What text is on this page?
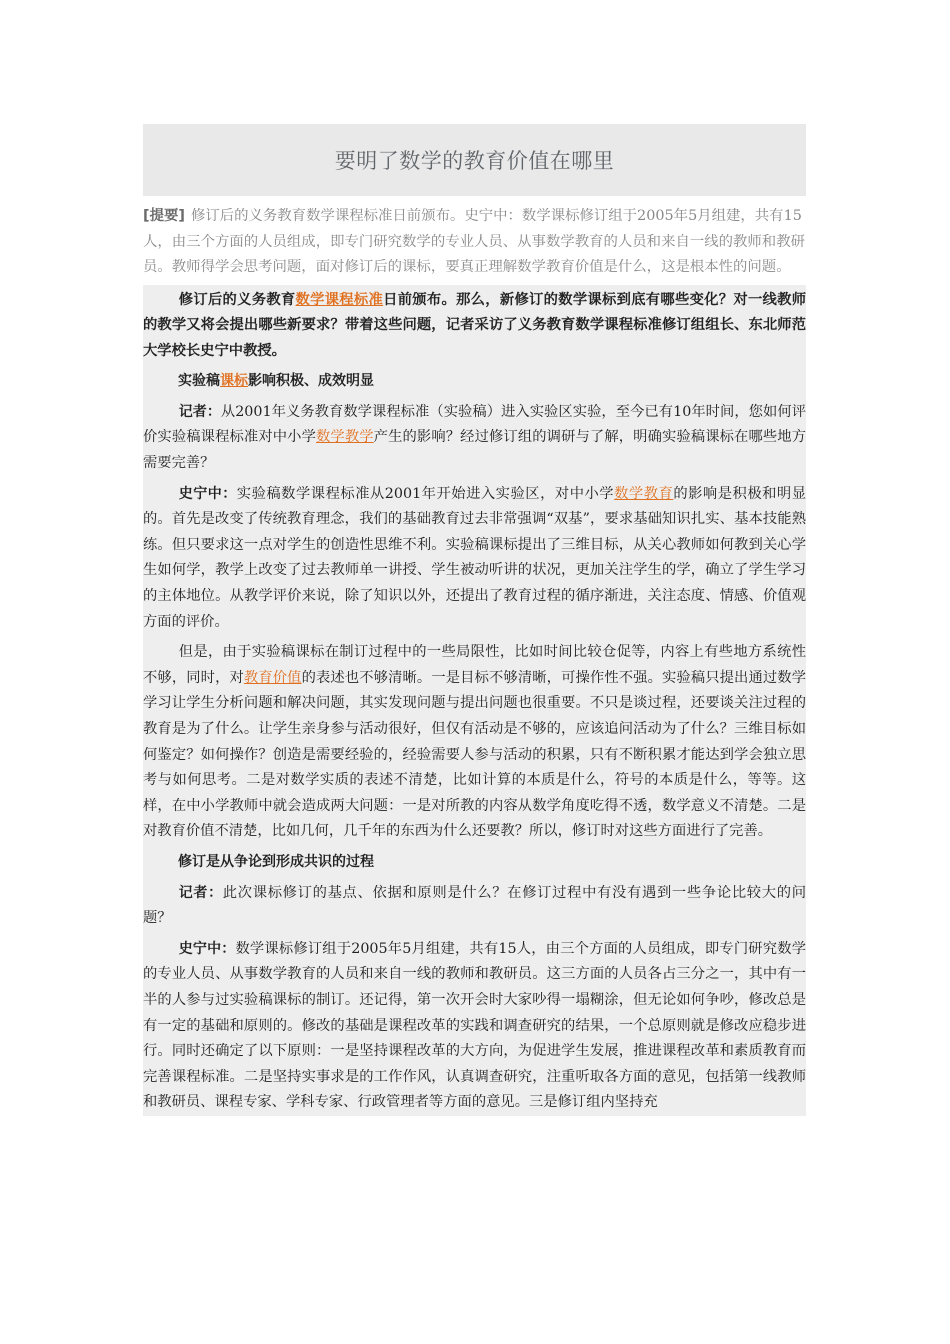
要明了数学的教育价值在哪里
[提要] 修订后的义务教育数学课程标准日前颁布。史宁中：数学课标修订组于2005年5月组建，共有15人，由三个方面的人员组成，即专门研究数学的专业人员、从事数学教育的人员和来自一线的教师和教研员。教师得学会思考问题，面对修订后的课标，要真正理解数学教育价值是什么，这是根本性的问题。

修订后的义务教育数学课程标准日前颁布。那么，新修订的数学课标到底有哪些变化？对一线教师的教学又将会提出哪些新要求？带着这些问题，记者采访了义务教育数学课程标准修订组组长、东北师范大学校长史宁中教授。

实验稿课标影响积极、成效明显

记者：从2001年义务教育数学课程标准（实验稿）进入实验区实验，至今已有10年时间，您如何评价实验稿课程标准对中小学数学教学产生的影响？经过修订组的调研与了解，明确实验稿课标在哪些地方需要完善？

史宁中：实验稿数学课程标准从2001年开始进入实验区，对中小学数学教育的影响是积极和明显的。首先是改变了传统教育理念，我们的基础教育过去非常强调“双基”，要求基础知识扎实、基本技能熟练。但只要求这一点对学生的创造性思维不利。实验稿课标提出了三维目标，从关心教师如何教到关心学生如何学，教学上改变了过去教师单一讲授、学生被动听讲的状况，更加关注学生的学，确立了学生学习的主体地位。从教学评价来说，除了知识以外，还提出了教育过程的循序渐进，关注态度、情感、价值观方面的评价。

但是，由于实验稿课标在制订过程中的一些局限性，比如时间比较仓促等，内容上有些地方系统性不够，同时，对教育价值的表述也不够清晰。一是目标不够清晰，可操作性不强。实验稿只提出通过数学学习让学生分析问题和解决问题，其实发现问题与提出问题也很重要。不只是谈过程，还要谈关注过程的教育是为了什么。让学生亲身参与活动很好，但仅有活动是不够的，应该追问活动为了什么？三维目标如何鉴定？如何操作？创造是需要经验的，经验需要人参与活动的积累，只有不断积累才能达到学会独立思考与如何思考。二是对数学实质的表述不清楚，比如计算的本质是什么，符号的本质是什么，等等。这样，在中小学教师中就会造成两大问题：一是对所教的内容从数学角度吃得不透，数学意义不清楚。二是对教育价值不清楚，比如几何，几千年的东西为什么还要教？所以，修订时对这些方面进行了完善。

修订是从争论到形成共识的过程

记者：此次课标修订的基点、依据和原则是什么？在修订过程中有没有遇到一些争论比较大的问题？

史宁中：数学课标修订组于2005年5月组建，共有15人，由三个方面的人员组成，即专门研究数学的专业人员、从事数学教育的人员和来自一线的教师和教研员。这三方面的人员各占三分之一，其中有一半的人参与过实验稿课标的制订。还记得，第一次开会时大家吵得一塌糊涂，但无论如何争吵，修改总是有一定的基础和原则的。修改的基础是课程改革的实践和调查研究的结果，一个总原则就是修改应稳步进行。同时还确定了以下原则：一是坚持课程改革的大方向，为促进学生发展，推进课程改革和素质教育而完善课程标准。二是坚持实事求是的工作作风，认真调查研究，注重听取各方面的意见，包括第一线教师和教研员、课程专家、学科专家、行政管理者等方面的意见。三是修订组内坚持充
